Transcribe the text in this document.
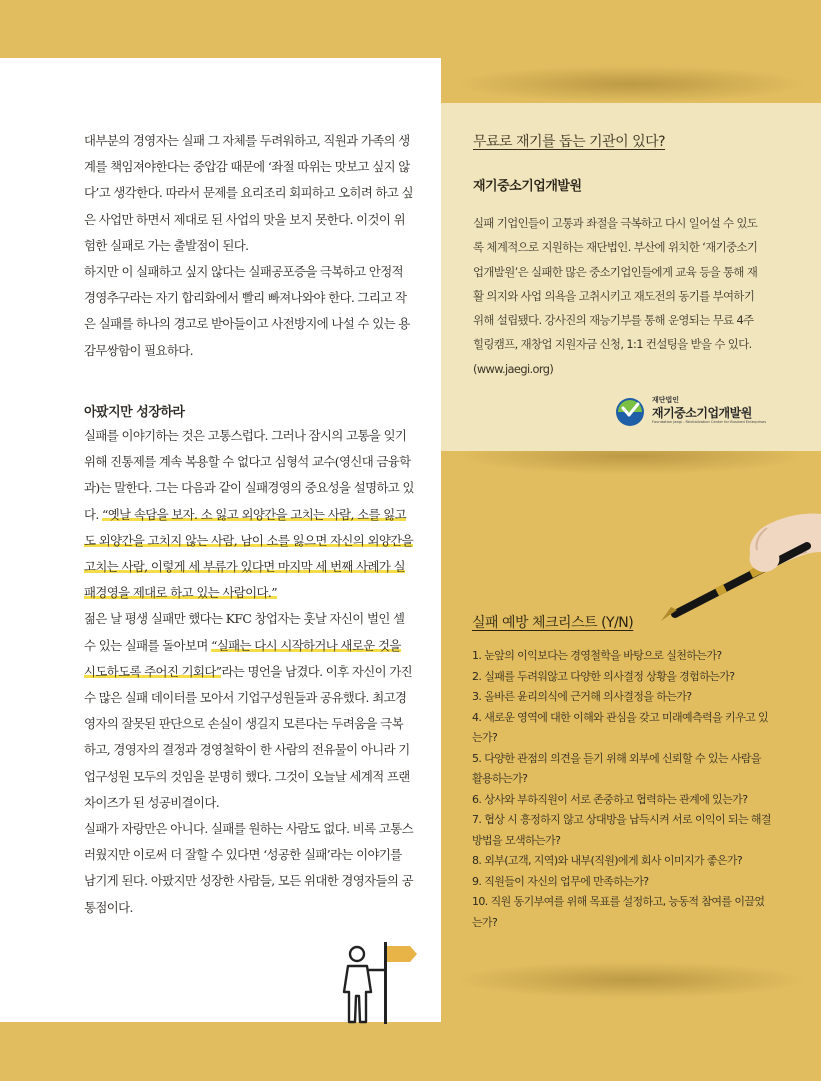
대부분의 경영자는 실패 그 자체를 두려워하고, 직원과 가족의 생계를 책임져야한다는 중압감 때문에 ‘좌절 따위는 맛보고 싶지 않다’고 생각한다. 따라서 문제를 요리조리 회피하고 오히려 하고 싶은 사업만 하면서 제대로 된 사업의 맛을 보지 못한다. 이것이 위험한 실패로 가는 출발점이 된다.

하지만 이 실패하고 싶지 않다는 실패공포증을 극복하고 안정적 경영추구라는 자기 합리화에서 빨리 빠져나와야 한다. 그리고 작은 실패를 하나의 경고로 받아들이고 사전방지에 나설 수 있는 용감무쌍함이 필요하다.

아팠지만 성장하라

실패를 이야기하는 것은 고통스럽다. 그러나 잠시의 고통을 잊기 위해 진통제를 계속 복용할 수 없다고 심형석 교수(영신대 금융학과)는 말한다. 그는 다음과 같이 실패경영의 중요성을 설명하고 있다. “옛날 속담을 보자. 소 잃고 외양간을 고치는 사람, 소를 잃고도 외양간을 고치지 않는 사람, 남이 소를 잃으면 자신의 외양간을 고치는 사람, 이렇게 세 부류가 있다면 마지막 세 번째 사례가 실패경영을 제대로 하고 있는 사람이다.”

젊은 날 평생 실패만 했다는 KFC 창업자는 훗날 자신이 벌인 셀 수 있는 실패를 돌아보며 “실패는 다시 시작하거나 새로운 것을 시도하도록 주어진 기회다”라는 명언을 남겼다. 이후 자신이 가진 수 많은 실패 데이터를 모아서 기업구성원들과 공유했다. 최고경영자의 잘못된 판단으로 손실이 생길지 모른다는 두려움을 극복하고, 경영자의 결정과 경영철학이 한 사람의 전유물이 아니라 기업구성원 모두의 것임을 분명히 했다. 그것이 오늘날 세계적 프랜차이즈가 된 성공비결이다.

실패가 자랑만은 아니다. 실패를 원하는 사람도 없다. 비록 고통스러웠지만 이로써 더 잘할 수 있다면 ‘성공한 실패’라는 이야기를 남기게 된다. 아팠지만 성장한 사람들, 모든 위대한 경영자들의 공통점이다.

무료로 재기를 돕는 기관이 있다?
재기중소기업개발원
실패 기업인들이 고통과 좌절을 극복하고 다시 일어설 수 있도록 체계적으로 지원하는 재단법인. 부산에 위치한 ‘재기중소기업개발원’은 실패한 많은 중소기업인들에게 교육 등을 통해 재활 의지와 사업 의욕을 고취시키고 재도전의 동기를 부여하기 위해 설립됐다. 강사진의 재능기부를 통해 운영되는 무료 4주 힐링캠프, 재창업 지원자금 신청, 1:1 컨설팅을 받을 수 있다. (www.jaegi.org)
재단법인
재기중소기업개발원
Foundation Jaegi - Revitalization Center for Busined Enterprises
실패 예방 체크리스트 (Y/N)
1. 눈앞의 이익보다는 경영철학을 바탕으로 실천하는가?
2. 실패를 두려워않고 다양한 의사결정 상황을 경험하는가?
3. 올바른 윤리의식에 근거해 의사결정을 하는가?
4. 새로운 영역에 대한 이해와 관심을 갖고 미래예측력을 키우고 있는가?
5. 다양한 관점의 의견을 듣기 위해 외부에 신뢰할 수 있는 사람을 활용하는가?
6. 상사와 부하직원이 서로 존중하고 협력하는 관계에 있는가?
7. 협상 시 흥정하지 않고 상대방을 납득시켜 서로 이익이 되는 해결방법을 모색하는가?
8. 외부(고객, 지역)와 내부(직원)에게 회사 이미지가 좋은가?
9. 직원들이 자신의 업무에 만족하는가?
10. 직원 동기부여를 위해 목표를 설정하고, 능동적 참여를 이끌었는가?
